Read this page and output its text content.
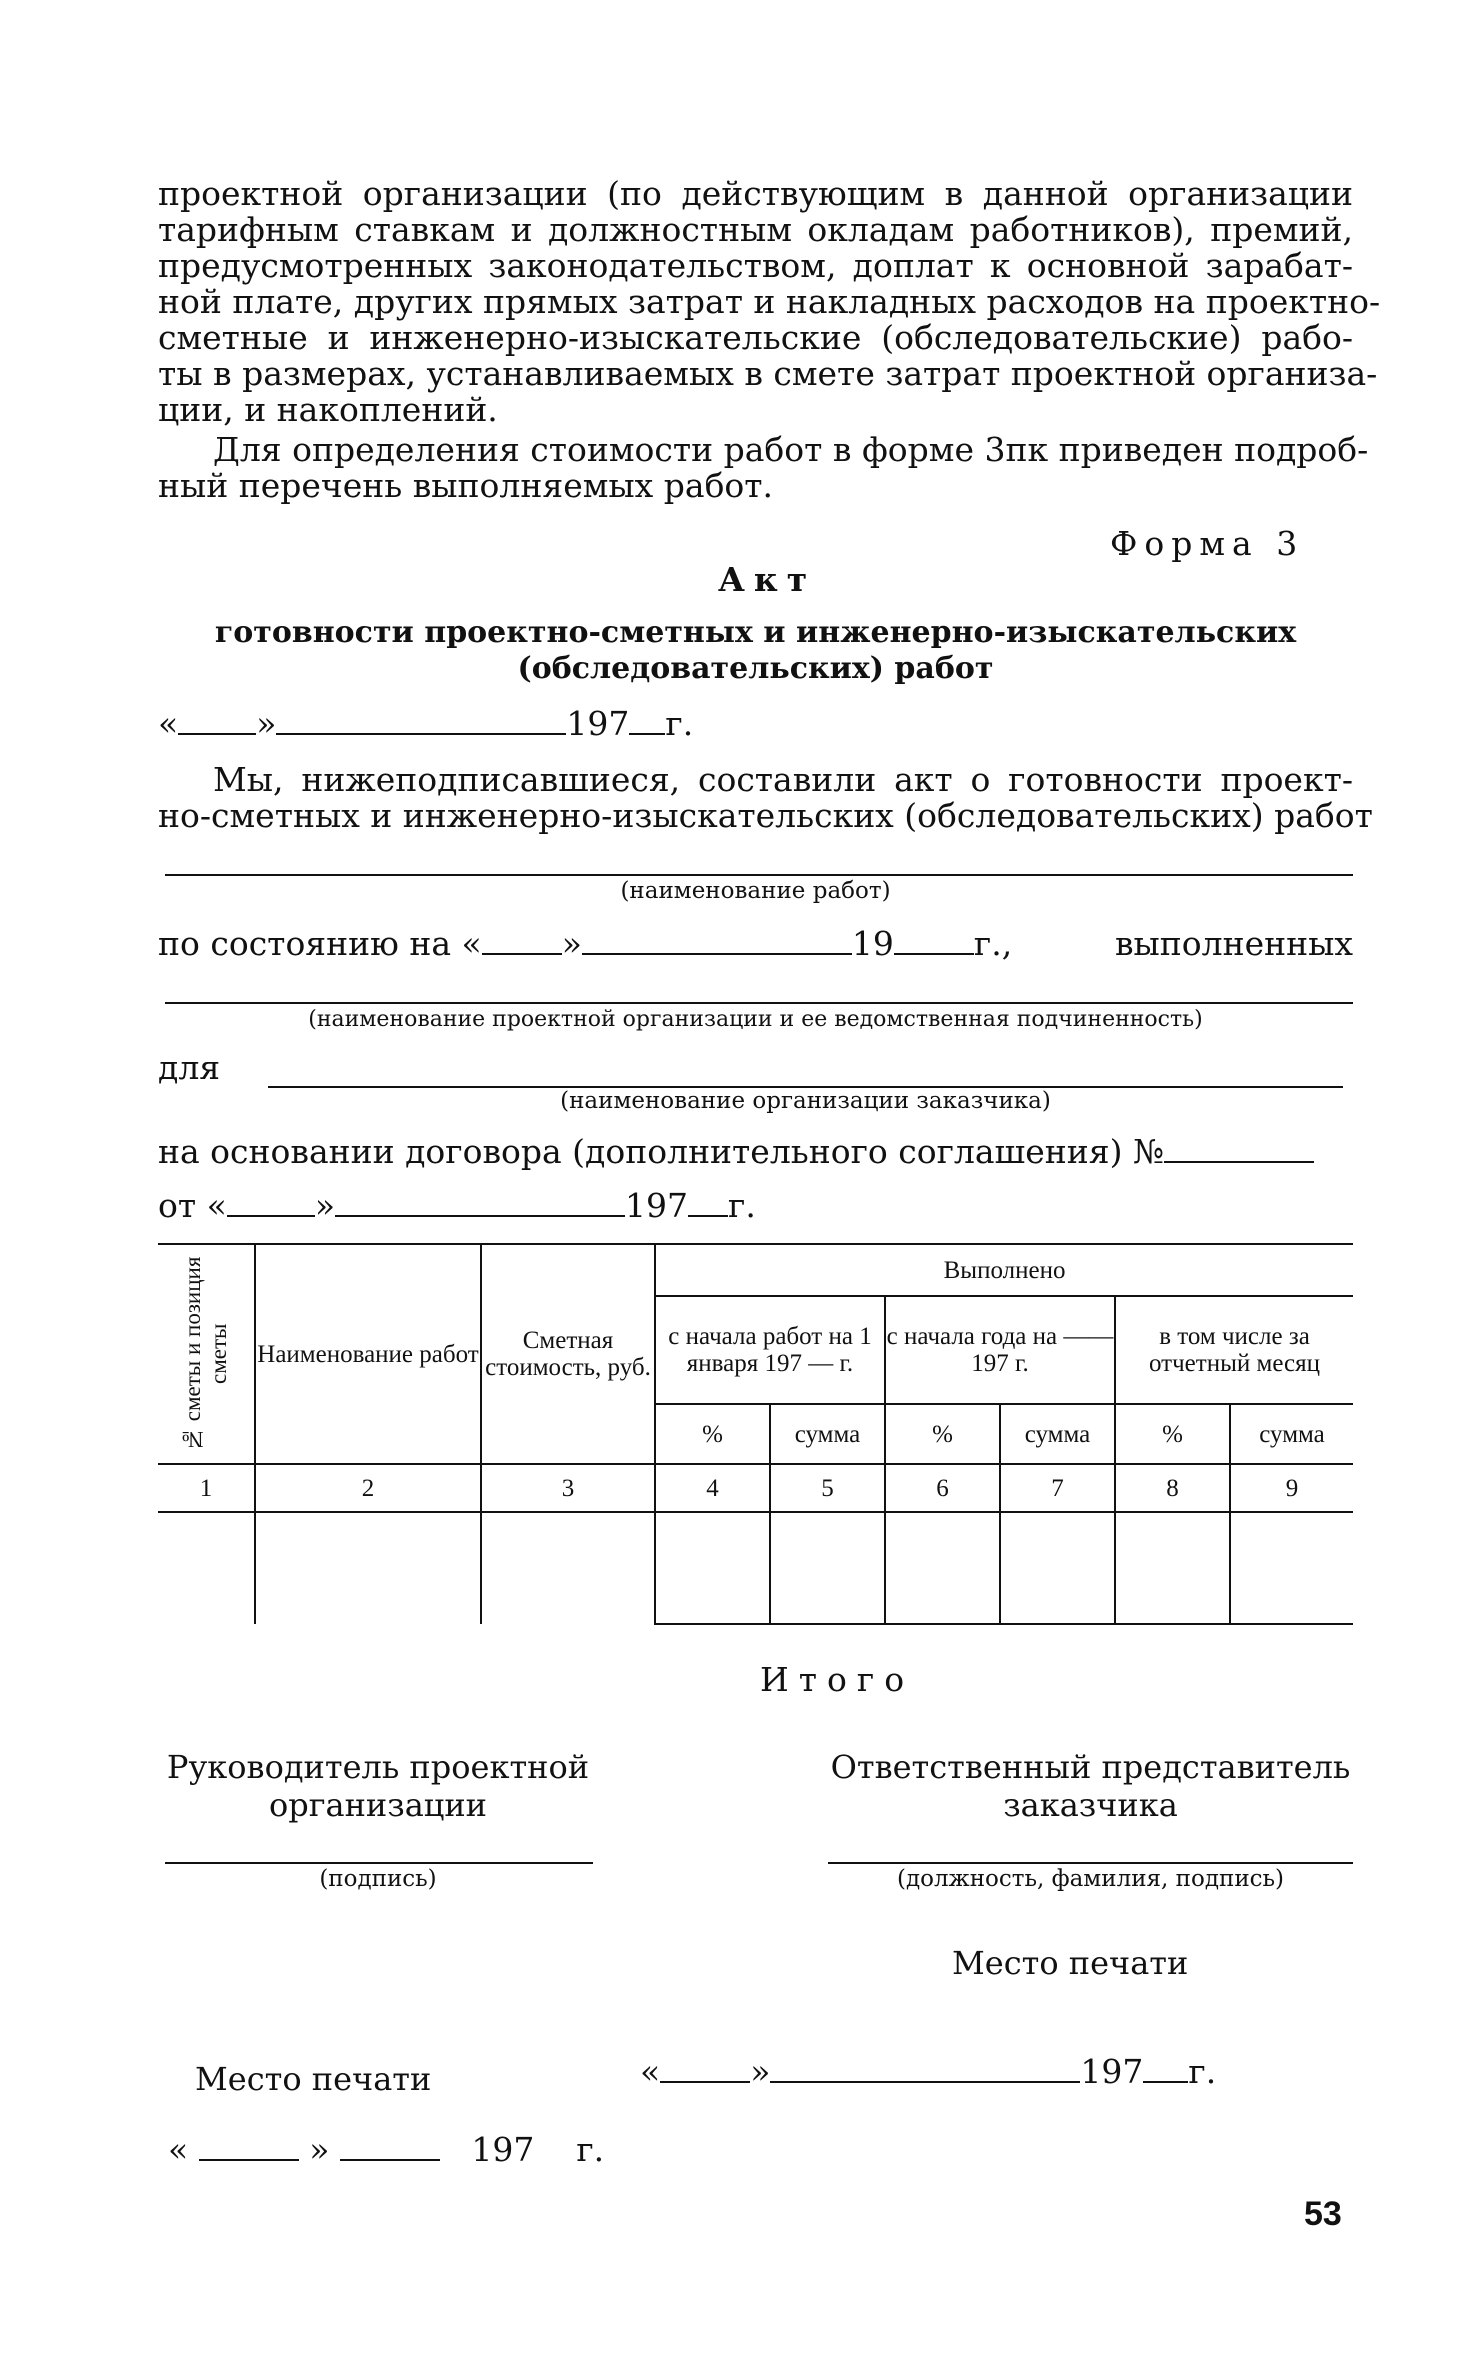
проектной организации (по действующим в данной организации
тарифным ставкам и должностным окладам работников), премий,
предусмотренных законодательством, доплат к основной зарабат-
ной плате, других прямых затрат и накладных расходов на проектно-
сметные и инженерно-изыскательские (обследовательские) рабо-
ты в размерах, устанавливаемых в смете затрат проектной организа-
ции, и накоплений.
Для определения стоимости работ в форме 3пк приведен подроб-
ный перечень выполняемых работ.
Форма 3
Акт
готовности проектно-сметных и инженерно-изыскательских
(обследовательских) работ
« »	197 г.
Мы, нижеподписавшиеся, составили акт о готовности проект-
но-сметных и инженерно-изыскательских (обследовательских) работ
(наименование работ)
по состоянию на « »	19 г.,	выполненных
(наименование проектной организации и ее ведомственная подчиненность)
для
(наименование организации заказчика)
на основании договора (дополнительного соглашения) №
от «	»	197 г.
№ сметы и позиция сметы	Наименование работ	Сметная стоимость, руб.	Выполнено					
			с начала работ на 1 января 197 — г.		с начала года на —— 197 г.		в том числе за отчетный месяц	
			%	сумма	%	сумма	%	сумма
1	2	3	4	5	6	7	8	9

Итого
Руководитель проектной
организации
(подпись)
Ответственный представитель
заказчика
(должность, фамилия, подпись)
Место печати
Место печати	«	»	197 г.
«	»	197 г.
53
